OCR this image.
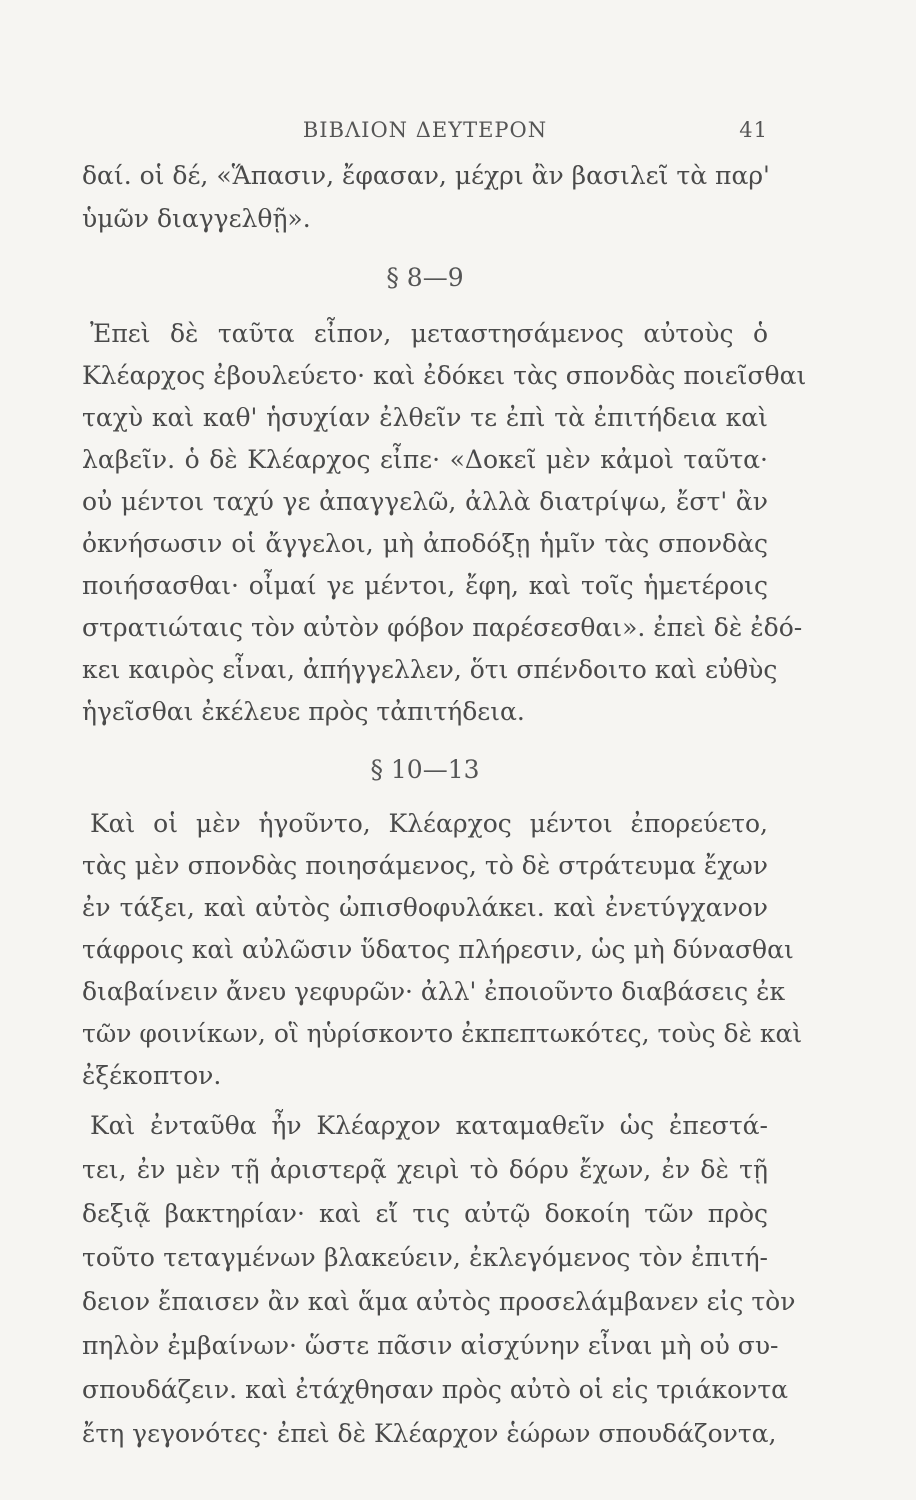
ΒΙΒΛΙΟΝ ΔΕΥΤΕΡΟΝ	41
δαί. οἱ δέ, «Ἅπασιν, ἔφασαν, μέχρι ἂν βασιλεῖ τὰ παρ'
ὑμῶν διαγγελθῇ».
§ 8—9
Ἐπεὶ δὲ ταῦτα εἶπον, μεταστησάμενος αὐτοὺς ὁ
Κλέαρχος ἐβουλεύετο· καὶ ἐδόκει τὰς σπονδὰς ποιεῖσθαι
ταχὺ καὶ καθ' ἡσυχίαν ἐλθεῖν τε ἐπὶ τὰ ἐπιτήδεια καὶ
λαβεῖν. ὁ δὲ Κλέαρχος εἶπε· «Δοκεῖ μὲν κἀμοὶ ταῦτα·
οὐ μέντοι ταχύ γε ἀπαγγελῶ, ἀλλὰ διατρίψω, ἔστ' ἂν
ὀκνήσωσιν οἱ ἄγγελοι, μὴ ἀποδόξῃ ἡμῖν τὰς σπονδὰς
ποιήσασθαι· οἶμαί γε μέντοι, ἔφη, καὶ τοῖς ἡμετέροις
στρατιώταις τὸν αὐτὸν φόβον παρέσεσθαι». ἐπεὶ δὲ ἐδό-
κει καιρὸς εἶναι, ἀπήγγελλεν, ὅτι σπένδοιτο καὶ εὐθὺς
ἡγεῖσθαι ἐκέλευε πρὸς τἀπιτήδεια.
§ 10—13
Καὶ οἱ μὲν ἡγοῦντο, Κλέαρχος μέντοι ἐπορεύετο,
τὰς μὲν σπονδὰς ποιησάμενος, τὸ δὲ στράτευμα ἔχων
ἐν τάξει, καὶ αὐτὸς ὠπισθοφυλάκει. καὶ ἐνετύγχανον
τάφροις καὶ αὐλῶσιν ὕδατος πλήρεσιν, ὡς μὴ δύνασθαι
διαβαίνειν ἄνευ γεφυρῶν· ἀλλ' ἐποιοῦντο διαβάσεις ἐκ
τῶν φοινίκων, οἳ ηὑρίσκοντο ἐκπεπτωκότες, τοὺς δὲ καὶ
ἐξέκοπτον.
Καὶ ἐνταῦθα ἦν Κλέαρχον καταμαθεῖν ὡς ἐπεστά-
τει, ἐν μὲν τῇ ἀριστερᾷ χειρὶ τὸ δόρυ ἔχων, ἐν δὲ τῇ
δεξιᾷ βακτηρίαν· καὶ εἴ τις αὐτῷ δοκοίη τῶν πρὸς
τοῦτο τεταγμένων βλακεύειν, ἐκλεγόμενος τὸν ἐπιτή-
δειον ἔπαισεν ἂν καὶ ἅμα αὐτὸς προσελάμβανεν εἰς τὸν
πηλὸν ἐμβαίνων· ὥστε πᾶσιν αἰσχύνην εἶναι μὴ οὐ συ-
σπουδάζειν. καὶ ἐτάχθησαν πρὸς αὐτὸ οἱ εἰς τριάκοντα
ἔτη γεγονότες· ἐπεὶ δὲ Κλέαρχον ἑώρων σπουδάζοντα,
